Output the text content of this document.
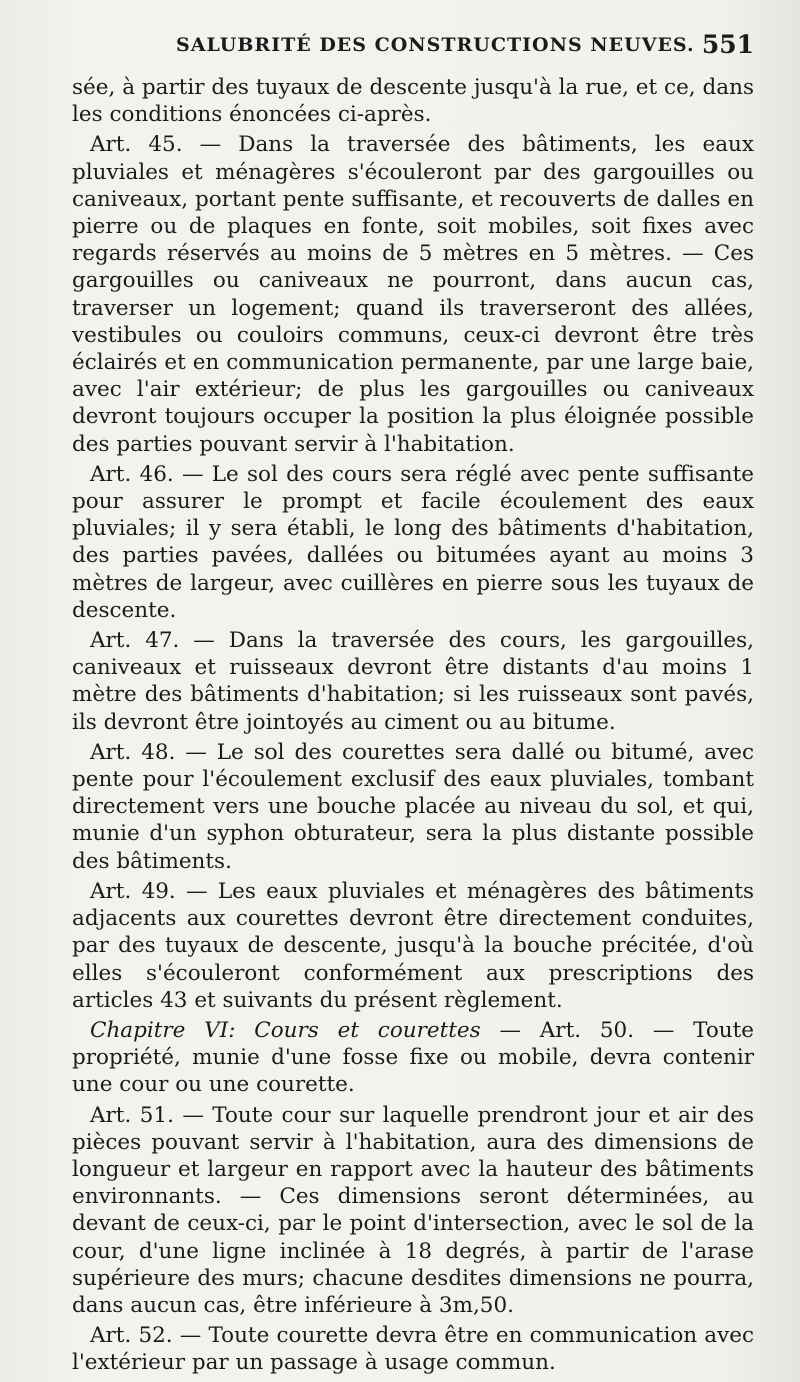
SALUBRITÉ DES CONSTRUCTIONS NEUVES. 551

sée, à partir des tuyaux de descente jusqu'à la rue, et ce, dans les conditions énoncées ci-après.

Art. 45. — Dans la traversée des bâtiments, les eaux pluviales et ménagères s'écouleront par des gargouilles ou caniveaux, portant pente suffisante, et recouverts de dalles en pierre ou de plaques en fonte, soit mobiles, soit fixes avec regards réservés au moins de 5 mètres en 5 mètres. — Ces gargouilles ou caniveaux ne pourront, dans aucun cas, traverser un logement; quand ils traverseront des allées, vestibules ou couloirs communs, ceux-ci devront être très éclairés et en communication permanente, par une large baie, avec l'air extérieur; de plus les gargouilles ou caniveaux devront toujours occuper la position la plus éloignée possible des parties pouvant servir à l'habitation.

Art. 46. — Le sol des cours sera réglé avec pente suffisante pour assurer le prompt et facile écoulement des eaux pluviales; il y sera établi, le long des bâtiments d'habitation, des parties pavées, dallées ou bitumées ayant au moins 3 mètres de largeur, avec cuillères en pierre sous les tuyaux de descente.

Art. 47. — Dans la traversée des cours, les gargouilles, caniveaux et ruisseaux devront être distants d'au moins 1 mètre des bâtiments d'habitation; si les ruisseaux sont pavés, ils devront être jointoyés au ciment ou au bitume.

Art. 48. — Le sol des courettes sera dallé ou bitumé, avec pente pour l'écoulement exclusif des eaux pluviales, tombant directement vers une bouche placée au niveau du sol, et qui, munie d'un syphon obturateur, sera la plus distante possible des bâtiments.

Art. 49. — Les eaux pluviales et ménagères des bâtiments adjacents aux courettes devront être directement conduites, par des tuyaux de descente, jusqu'à la bouche précitée, d'où elles s'écouleront conformément aux prescriptions des articles 43 et suivants du présent règlement.

Chapitre VI: Cours et courettes — Art. 50. — Toute propriété, munie d'une fosse fixe ou mobile, devra contenir une cour ou une courette.

Art. 51. — Toute cour sur laquelle prendront jour et air des pièces pouvant servir à l'habitation, aura des dimensions de longueur et largeur en rapport avec la hauteur des bâtiments environnants. — Ces dimensions seront déterminées, au devant de ceux-ci, par le point d'intersection, avec le sol de la cour, d'une ligne inclinée à 18 degrés, à partir de l'arase supérieure des murs; chacune desdites dimensions ne pourra, dans aucun cas, être inférieure à 3m,50.

Art. 52. — Toute courette devra être en communication avec l'extérieur par un passage à usage commun.
